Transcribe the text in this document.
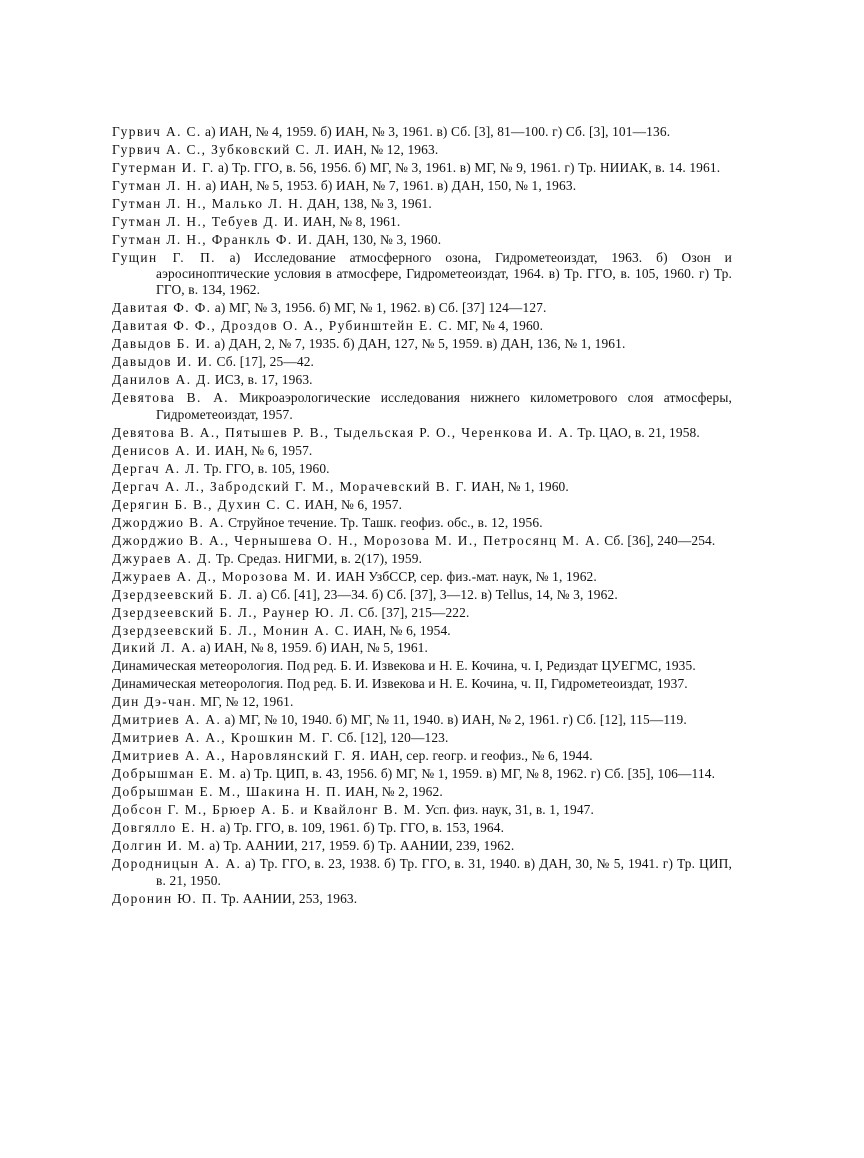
Гурвич А. С. а) ИАН, № 4, 1959. б) ИАН, № 3, 1961. в) Сб. [3], 81—100. г) Сб. [3], 101—136.

Гурвич А. С., Зубковский С. Л. ИАН, № 12, 1963.

Гутерман И. Г. а) Тр. ГГО, в. 56, 1956. б) МГ, № 3, 1961. в) МГ, № 9, 1961. г) Тр. НИИАК, в. 14. 1961.

Гутман Л. Н. а) ИАН, № 5, 1953. б) ИАН, № 7, 1961. в) ДАН, 150, № 1, 1963.

Гутман Л. Н., Малько Л. Н. ДАН, 138, № 3, 1961.

Гутман Л. Н., Тебуев Д. И. ИАН, № 8, 1961.

Гутман Л. Н., Франкль Ф. И. ДАН, 130, № 3, 1960.

Гущин Г. П. а) Исследование атмосферного озона, Гидрометеоиздат, 1963. б) Озон и аэросиноптические условия в атмосфере, Гидрометеоиздат, 1964. в) Тр. ГГО, в. 105, 1960. г) Тр. ГГО, в. 134, 1962.

Давитая Ф. Ф. а) МГ, № 3, 1956. б) МГ, № 1, 1962. в) Сб. [37] 124—127.

Давитая Ф. Ф., Дроздов О. А., Рубинштейн Е. С. МГ, № 4, 1960.

Давыдов Б. И. а) ДАН, 2, № 7, 1935. б) ДАН, 127, № 5, 1959. в) ДАН, 136, № 1, 1961.

Давыдов И. И. Сб. [17], 25—42.

Данилов А. Д. ИСЗ, в. 17, 1963.

Девятова В. А. Микроаэрологические исследования нижнего километрового слоя атмосферы, Гидрометеоиздат, 1957.

Девятова В. А., Пятышев Р. В., Тыдельская Р. О., Черенкова И. А. Тр. ЦАО, в. 21, 1958.

Денисов А. И. ИАН, № 6, 1957.

Дергач А. Л. Тр. ГГО, в. 105, 1960.

Дергач А. Л., Забродский Г. М., Морачевский В. Г. ИАН, № 1, 1960.

Дерягин Б. В., Духин С. С. ИАН, № 6, 1957.

Джорджио В. А. Струйное течение. Тр. Ташк. геофиз. обс., в. 12, 1956.

Джорджио В. А., Чернышева О. Н., Морозова М. И., Петросянц М. А. Сб. [36], 240—254.

Джураев А. Д. Тр. Средаз. НИГМИ, в. 2(17), 1959.

Джураев А. Д., Морозова М. И. ИАН УзбССР, сер. физ.-мат. наук, № 1, 1962.

Дзердзеевский Б. Л. а) Сб. [41], 23—34. б) Сб. [37], 3—12. в) Tellus, 14, № 3, 1962.

Дзердзеевский Б. Л., Раунер Ю. Л. Сб. [37], 215—222.

Дзердзеевский Б. Л., Монин А. С. ИАН, № 6, 1954.

Дикий Л. А. а) ИАН, № 8, 1959. б) ИАН, № 5, 1961.

Динамическая метеорология. Под ред. Б. И. Извекова и Н. Е. Кочина, ч. I, Редиздат ЦУЕГМС, 1935.

Динамическая метеорология. Под ред. Б. И. Извекова и Н. Е. Кочина, ч. II, Гидрометеоиздат, 1937.

Дин Дэ-чан. МГ, № 12, 1961.

Дмитриев А. А. а) МГ, № 10, 1940. б) МГ, № 11, 1940. в) ИАН, № 2, 1961. г) Сб. [12], 115—119.

Дмитриев А. А., Крошкин М. Г. Сб. [12], 120—123.

Дмитриев А. А., Наровлянский Г. Я. ИАН, сер. геогр. и геофиз., № 6, 1944.

Добрышман Е. М. а) Тр. ЦИП, в. 43, 1956. б) МГ, № 1, 1959. в) МГ, № 8, 1962. г) Сб. [35], 106—114.

Добрышман Е. М., Шакина Н. П. ИАН, № 2, 1962.

Добсон Г. М., Брюер А. Б. и Квайлонг В. М. Усп. физ. наук, 31, в. 1, 1947.

Довгялло Е. Н. а) Тр. ГГО, в. 109, 1961. б) Тр. ГГО, в. 153, 1964.

Долгин И. М. а) Тр. ААНИИ, 217, 1959. б) Тр. ААНИИ, 239, 1962.

Дородницын А. А. а) Тр. ГГО, в. 23, 1938. б) Тр. ГГО, в. 31, 1940. в) ДАН, 30, № 5, 1941. г) Тр. ЦИП, в. 21, 1950.

Доронин Ю. П. Тр. ААНИИ, 253, 1963.
